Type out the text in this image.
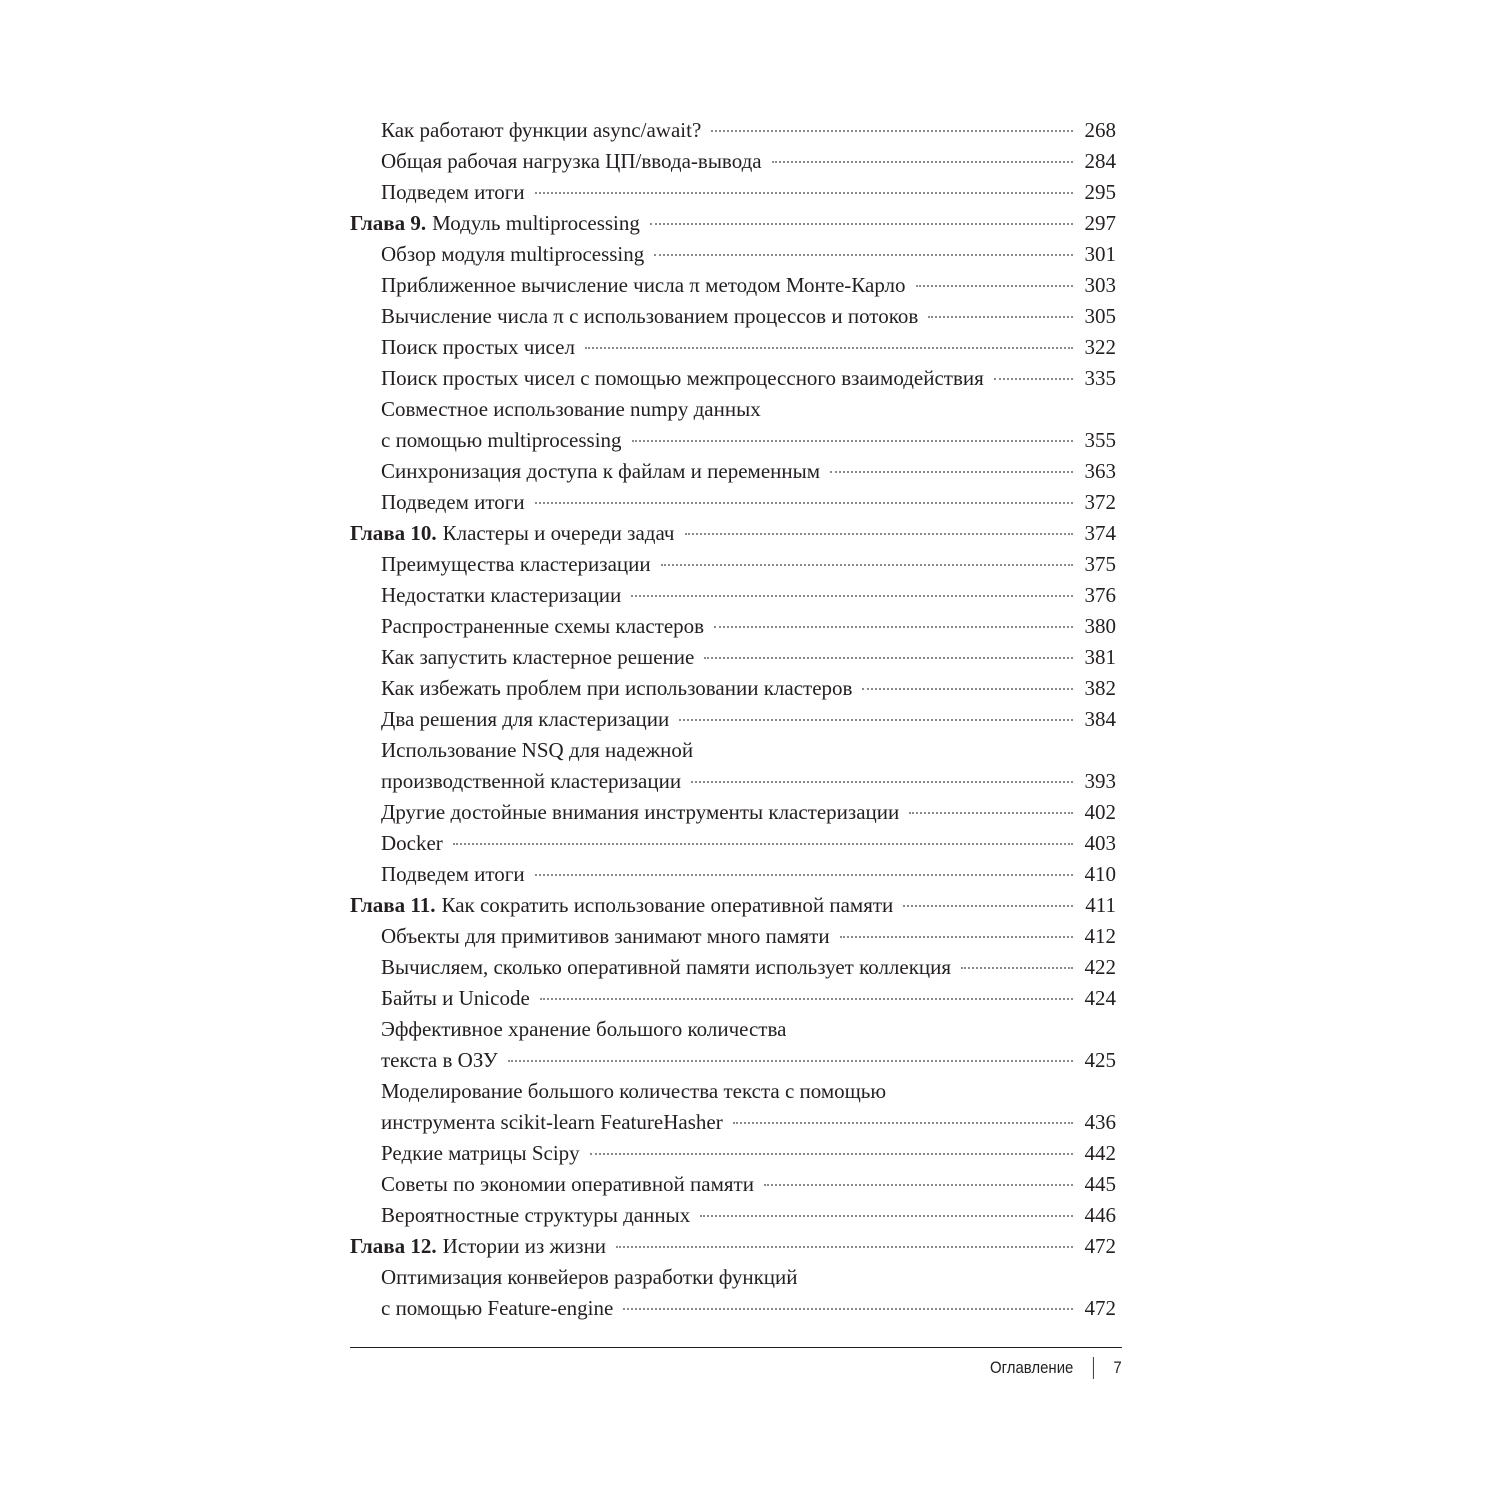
Как работают функции async/await?	268
Общая рабочая нагрузка ЦП/ввода-вывода	284
Подведем итоги	295
Глава 9. Модуль multiprocessing	297
Обзор модуля multiprocessing	301
Приближенное вычисление числа π методом Монте-Карло	303
Вычисление числа π с использованием процессов и потоков	305
Поиск простых чисел	322
Поиск простых чисел с помощью межпроцессного взаимодействия	335
Совместное использование numpy данных
с помощью multiprocessing	355
Синхронизация доступа к файлам и переменным	363
Подведем итоги	372
Глава 10. Кластеры и очереди задач	374
Преимущества кластеризации	375
Недостатки кластеризации	376
Распространенные схемы кластеров	380
Как запустить кластерное решение	381
Как избежать проблем при использовании кластеров	382
Два решения для кластеризации	384
Использование NSQ для надежной
производственной кластеризации	393
Другие достойные внимания инструменты кластеризации	402
Docker	403
Подведем итоги	410
Глава 11. Как сократить использование оперативной памяти	411
Объекты для примитивов занимают много памяти	412
Вычисляем, сколько оперативной памяти использует коллекция	422
Байты и Unicode	424
Эффективное хранение большого количества
текста в ОЗУ	425
Моделирование большого количества текста с помощью
инструмента scikit-learn FeatureHasher	436
Редкие матрицы Scipy	442
Советы по экономии оперативной памяти	445
Вероятностные структуры данных	446
Глава 12. Истории из жизни	472
Оптимизация конвейеров разработки функций
с помощью Feature-engine	472
Оглавление 7
